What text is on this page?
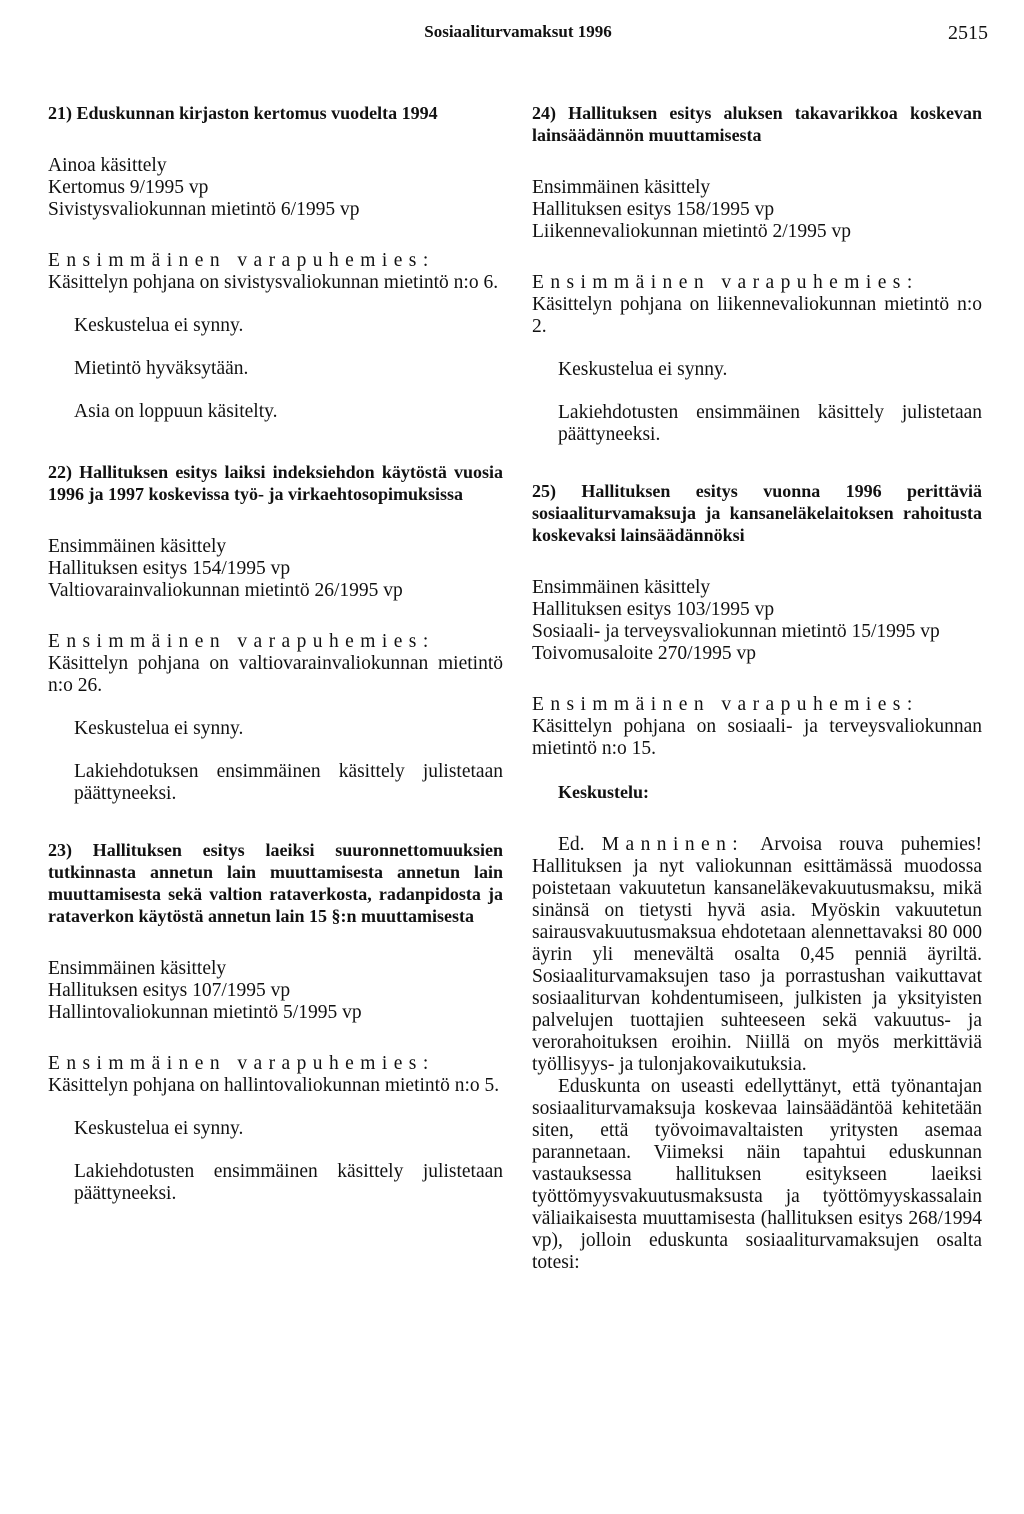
Sosiaaliturvamaksut 1996	2515
21) Eduskunnan kirjaston kertomus vuodelta 1994
Ainoa käsittely
Kertomus 9/1995 vp
Sivistysvaliokunnan mietintö 6/1995 vp
Ensimmäinen varapuhemies:
Käsittelyn pohjana on sivistysvaliokunnan mietintö n:o 6.
Keskustelua ei synny.
Mietintö hyväksytään.
Asia on loppuun käsitelty.
22) Hallituksen esitys laiksi indeksiehdon käytöstä vuosia 1996 ja 1997 koskevissa työ- ja virkaehtosopimuksissa
Ensimmäinen käsittely
Hallituksen esitys 154/1995 vp
Valtiovarainvaliokunnan mietintö 26/1995 vp
Ensimmäinen varapuhemies:
Käsittelyn pohjana on valtiovarainvaliokunnan mietintö n:o 26.
Keskustelua ei synny.
Lakiehdotuksen ensimmäinen käsittely julistetaan päättyneeksi.
23) Hallituksen esitys laeiksi suuronnettomuuksien tutkinnasta annetun lain muuttamisesta annetun lain muuttamisesta sekä valtion rataverkosta, radanpidosta ja rataverkon käytöstä annetun lain 15 §:n muuttamisesta
Ensimmäinen käsittely
Hallituksen esitys 107/1995 vp
Hallintovaliokunnan mietintö 5/1995 vp
Ensimmäinen varapuhemies:
Käsittelyn pohjana on hallintovaliokunnan mietintö n:o 5.
Keskustelua ei synny.
Lakiehdotusten ensimmäinen käsittely julistetaan päättyneeksi.
24) Hallituksen esitys aluksen takavarikkoa koskevan lainsäädännön muuttamisesta
Ensimmäinen käsittely
Hallituksen esitys 158/1995 vp
Liikennevaliokunnan mietintö 2/1995 vp
Ensimmäinen varapuhemies:
Käsittelyn pohjana on liikennevaliokunnan mietintö n:o 2.
Keskustelua ei synny.
Lakiehdotusten ensimmäinen käsittely julistetaan päättyneeksi.
25) Hallituksen esitys vuonna 1996 perittäviä sosiaaliturvamaksuja ja kansaneläkelaitoksen rahoitusta koskevaksi lainsäädännöksi
Ensimmäinen käsittely
Hallituksen esitys 103/1995 vp
Sosiaali- ja terveysvaliokunnan mietintö 15/1995 vp
Toivomusaloite 270/1995 vp
Ensimmäinen varapuhemies:
Käsittelyn pohjana on sosiaali- ja terveysvaliokunnan mietintö n:o 15.
Keskustelu:
Ed. Manninen: Arvoisa rouva puhemies! Hallituksen ja nyt valiokunnan esittämässä muodossa poistetaan vakuutetun kansaneläkevakuutusmaksu, mikä sinänsä on tietysti hyvä asia. Myöskin vakuutetun sairausvakuutusmaksua ehdotetaan alennettavaksi 80 000 äyrin yli menevältä osalta 0,45 penniä äyriltä. Sosiaaliturvamaksujen taso ja porrastushan vaikuttavat sosiaaliturvan kohdentumiseen, julkisten ja yksityisten palvelujen tuottajien suhteeseen sekä vakuutus- ja verorahoituksen eroihin. Niillä on myös merkittäviä työllisyys- ja tulonjakovaikutuksia.
Eduskunta on useasti edellyttänyt, että työnantajan sosiaaliturvamaksuja koskevaa lainsäädäntöä kehitetään siten, että työvoimavaltaisten yritysten asemaa parannetaan. Viimeksi näin tapahtui eduskunnan vastauksessa hallituksen esitykseen laeiksi työttömyysvakuutusmaksusta ja työttömyyskassalain väliaikaisesta muuttamisesta (hallituksen esitys 268/1994 vp), jolloin eduskunta sosiaaliturvamaksujen osalta totesi:
